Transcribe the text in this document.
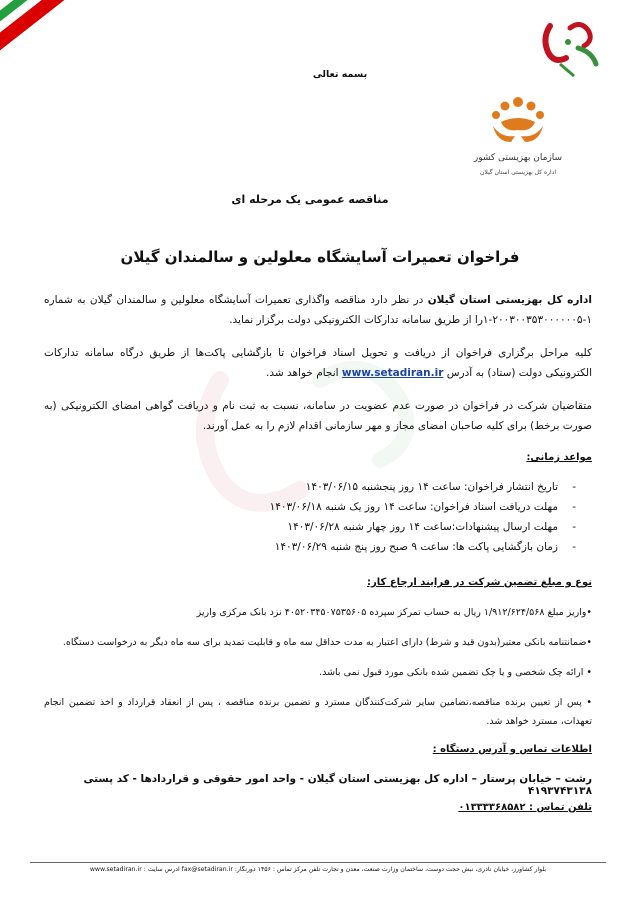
سازمان بهزیستی کشور
اداره کل بهزیستی استان گیلان
بسمه تعالی
مناقصه عمومی یک مرحله ای
فراخوان تعمیرات آسایشگاه معلولین و سالمندان گیلان
اداره کل بهزیستی استان گیلان در نظر دارد مناقصه واگذاری تعمیرات آسایشگاه معلولین و سالمندان گیلان به شماره ۱-۲۰۰۳۰۰۳۵۳۰۰۰۰۰۰۵-۱را از طریق سامانه تدارکات الکترونیکی دولت برگزار نماید.
کلیه مراحل برگزاری فراخوان از دریافت و تحویل اسناد فراخوان تا بازگشایی پاکت‌ها از طریق درگاه سامانه تدارکات الکترونیکی دولت (ستاد) به آدرس www.setadiran.ir انجام خواهد شد.
متقاضیان شرکت در فراخوان در صورت عدم عضویت در سامانه، نسبت به ثبت نام و دریافت گواهی امضای الکترونیکی (به صورت برخط) برای کلیه صاحبان امضای مجاز و مهر سازمانی اقدام لازم را به عمل آورند.
مواعد زمانی:
- تاریخ انتشار فراخوان: ساعت ۱۴ روز پنجشنبه ۱۴۰۳/۰۶/۱۵
- مهلت دریافت اسناد فراخوان: ساعت ۱۴ روز یک شنبه ۱۴۰۳/۰۶/۱۸
- مهلت ارسال پیشنهادات:ساعت ۱۴ روز چهار شنبه ۱۴۰۳/۰۶/۲۸
- زمان بازگشایی پاکت ها: ساعت ۹ صبح روز پنج شنبه ۱۴۰۳/۰۶/۲۹
نوع و مبلغ تضمین شرکت در فرایند ارجاع کار:
•واریز مبلغ ۱/۹۱۲/۶۲۴/۵۶۸ ریال به حساب تمرکز سپرده ۴۰۵۲۰۳۴۵۰۷۵۳۵۶۰۵ نزد بانک مرکزی واریز
•ضمانتنامه بانکی معتبر(بدون قید و شرط) دارای اعتبار به مدت حداقل سه ماه و قابلیت تمدید برای سه ماه دیگر به درخواست دستگاه.
• ارائه چک شخصی و یا چک تضمین شده بانکی مورد قبول نمی باشد.
• پس از تعیین برنده مناقصه،تضامین سایر شرکت‌کنندگان مسترد و تضمین برنده مناقصه ، پس از انعقاد قرارداد و اخذ تضمین انجام تعهدات، مسترد خواهد شد.
اطلاعات تماس و آدرس دستگاه :
رشت – خیابان پرستار – اداره کل بهزیستی استان گیلان - واحد امور حقوقی و قراردادها - کد پستی ۴۱۹۳۷۴۳۱۳۸
تلفن تماس : ۰۱۳۳۳۳۶۸۵۸۲
بلوار کشاورز، خیابان نادری، نبش حجت دوست، ساختمان وزارت صنعت، معدن و تجارت تلفن مرکز تماس : ۱۴۵۶ دورنگار: fax@setadiran.ir آدرس سایت : www.setadiran.ir
